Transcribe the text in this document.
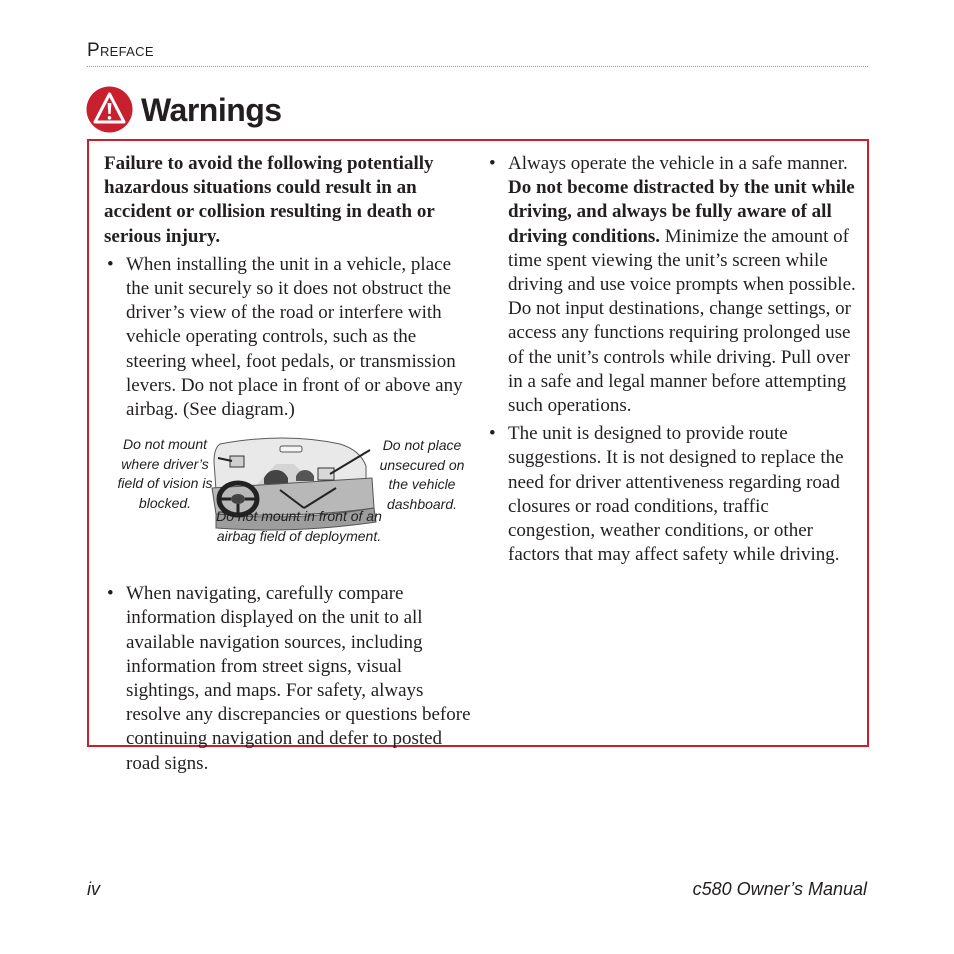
Preface
Warnings

Failure to avoid the following potentially hazardous situations could result in an accident or collision resulting in death or serious injury.

• When installing the unit in a vehicle, place the unit securely so it does not obstruct the driver’s view of the road or interfere with vehicle operating controls, such as the steering wheel, foot pedals, or transmission levers. Do not place in front of or above any airbag. (See diagram.)

Do not mount where driver’s field of vision is blocked.
Do not place unsecured on the vehicle dashboard.
Do not mount in front of an airbag field of deployment.

• When navigating, carefully compare information displayed on the unit to all available navigation sources, including information from street signs, visual sightings, and maps. For safety, always resolve any discrepancies or questions before continuing navigation and defer to posted road signs.

• Always operate the vehicle in a safe manner. Do not become distracted by the unit while driving, and always be fully aware of all driving conditions. Minimize the amount of time spent viewing the unit’s screen while driving and use voice prompts when possible. Do not input destinations, change settings, or access any functions requiring prolonged use of the unit’s controls while driving. Pull over in a safe and legal manner before attempting such operations.

• The unit is designed to provide route suggestions. It is not designed to replace the need for driver attentiveness regarding road closures or road conditions, traffic congestion, weather conditions, or other factors that may affect safety while driving.

iv	c580 Owner’s Manual
